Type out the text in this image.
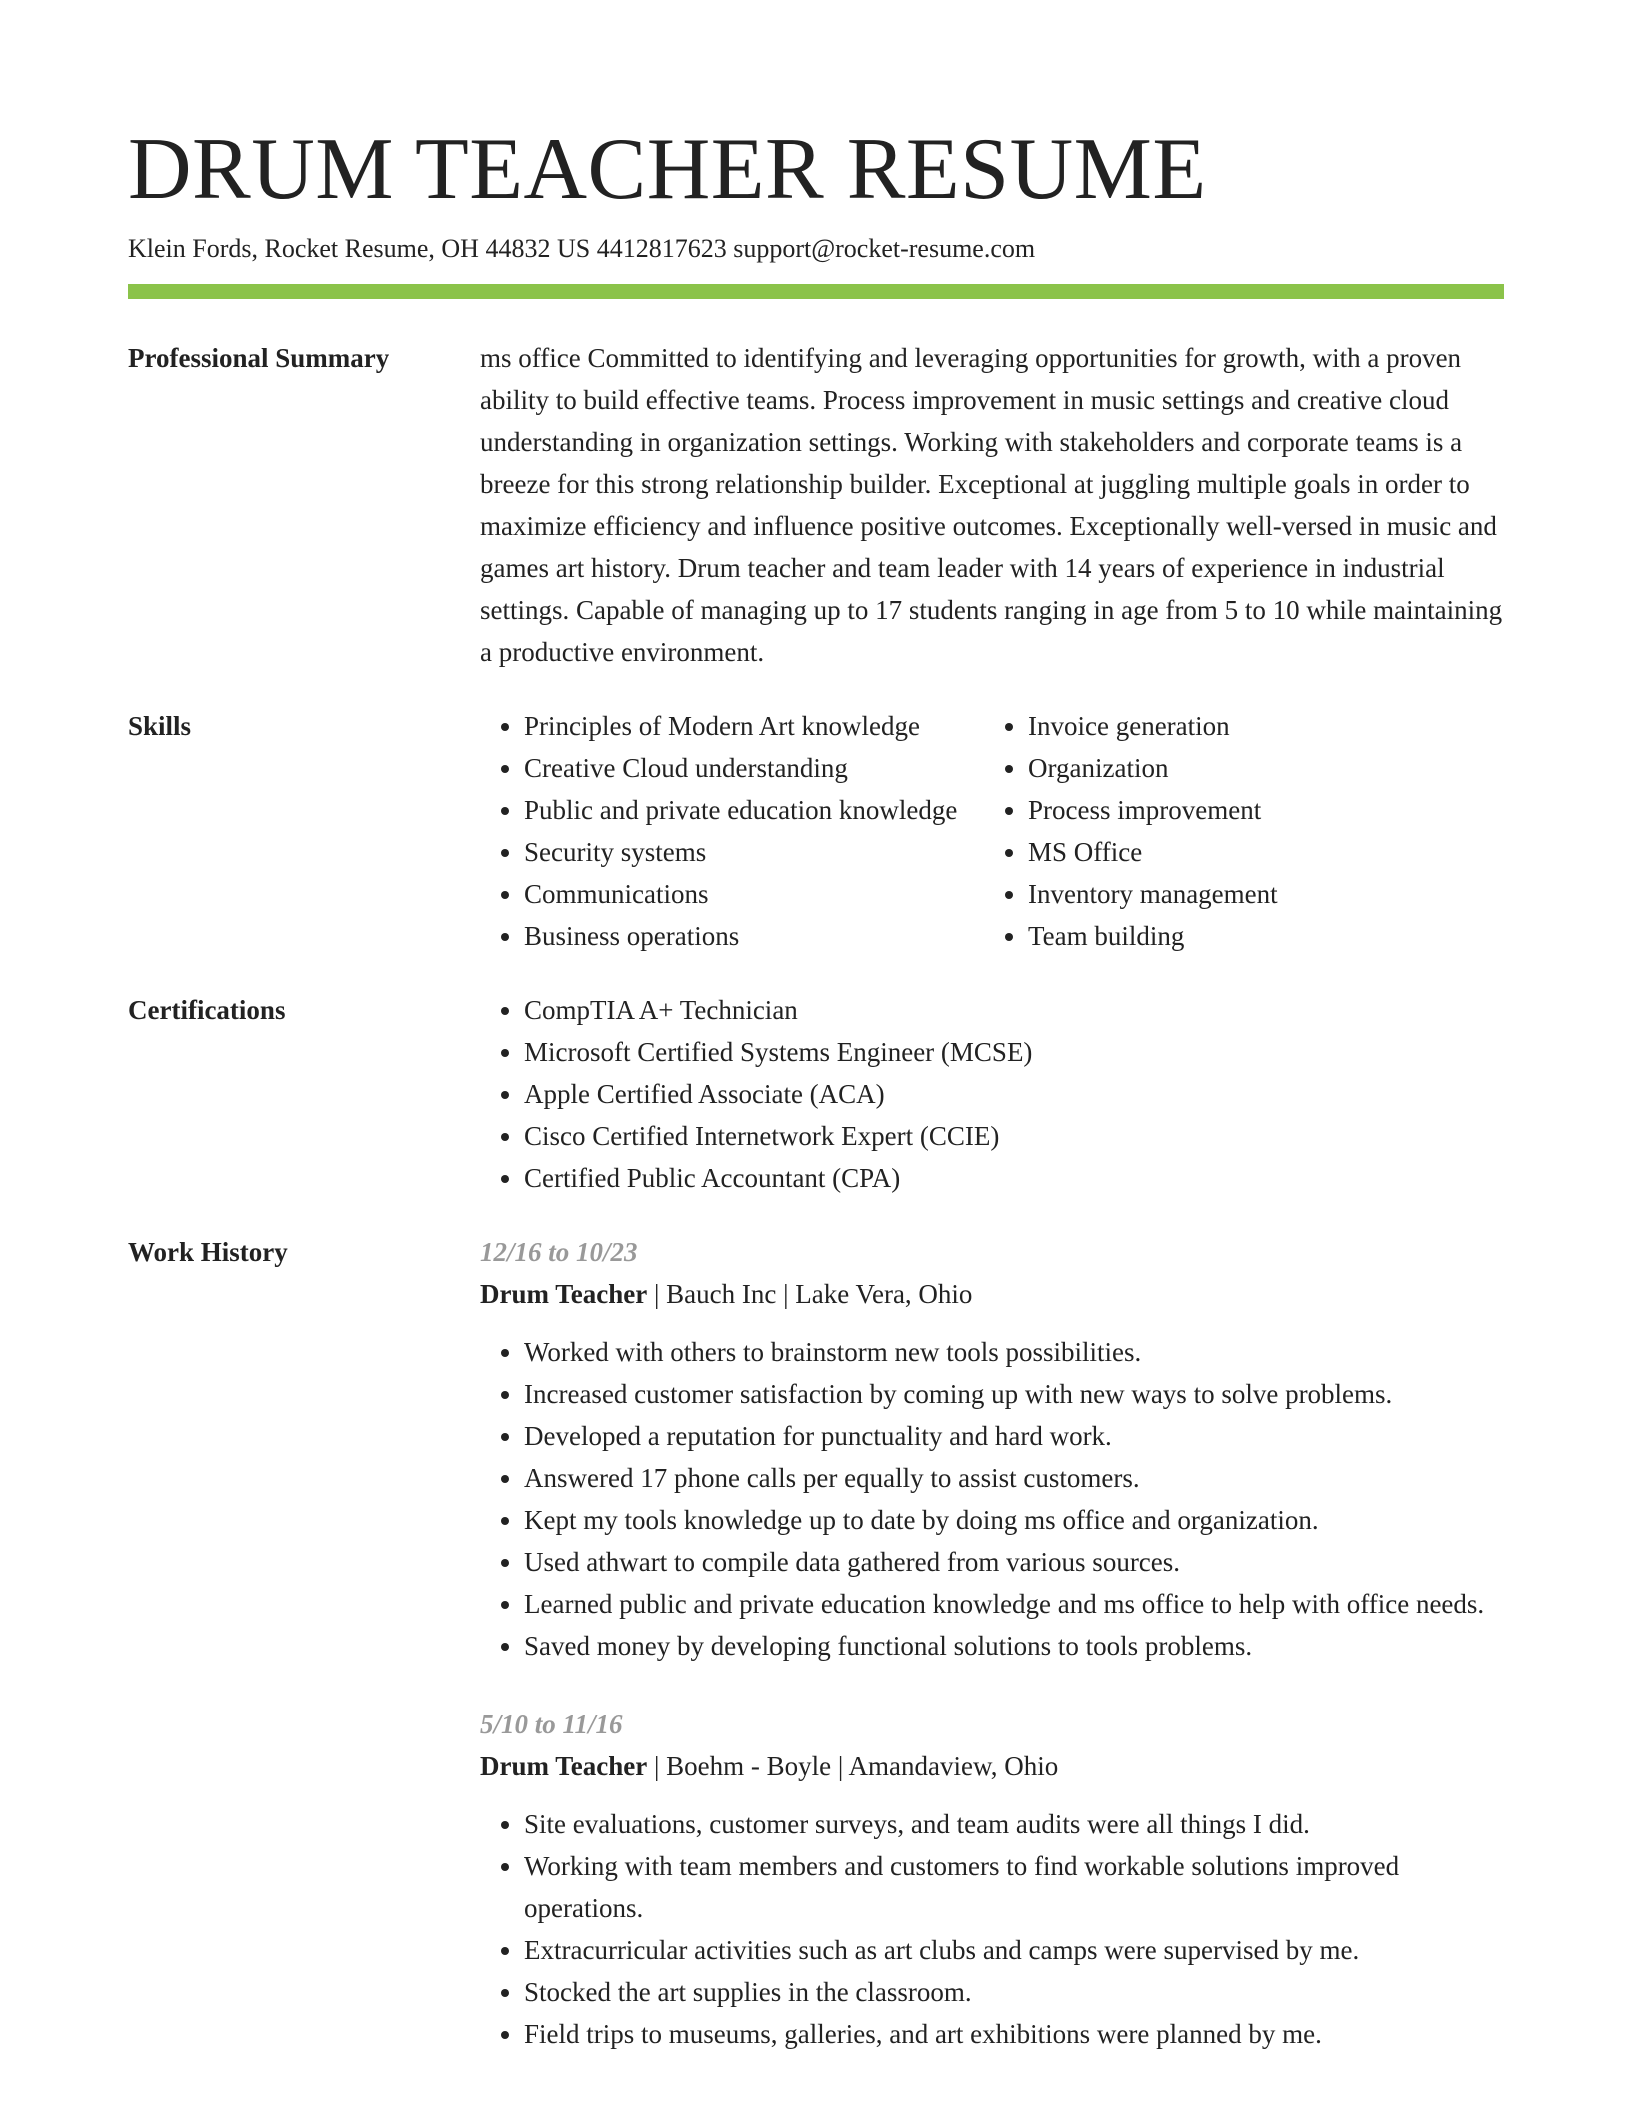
DRUM TEACHER RESUME
Klein Fords, Rocket Resume, OH 44832 US 4412817623 support@rocket-resume.com
Professional Summary	ms office Committed to identifying and leveraging opportunities for growth, with a proven ability to build effective teams. Process improvement in music settings and creative cloud understanding in organization settings. Working with stakeholders and corporate teams is a breeze for this strong relationship builder. Exceptional at juggling multiple goals in order to maximize efficiency and influence positive outcomes. Exceptionally well-versed in music and games art history. Drum teacher and team leader with 14 years of experience in industrial settings. Capable of managing up to 17 students ranging in age from 5 to 10 while maintaining a productive environment.

Skills	• Principles of Modern Art knowledge
• Creative Cloud understanding
• Public and private education knowledge
• Security systems
• Communications
• Business operations
• Invoice generation
• Organization
• Process improvement
• MS Office
• Inventory management
• Team building
Certifications	• CompTIA A+ Technician
• Microsoft Certified Systems Engineer (MCSE)
• Apple Certified Associate (ACA)
• Cisco Certified Internetwork Expert (CCIE)
• Certified Public Accountant (CPA)
Work History	12/16 to 10/23
Drum Teacher | Bauch Inc | Lake Vera, Ohio
• Worked with others to brainstorm new tools possibilities.
• Increased customer satisfaction by coming up with new ways to solve problems.
• Developed a reputation for punctuality and hard work.
• Answered 17 phone calls per equally to assist customers.
• Kept my tools knowledge up to date by doing ms office and organization.
• Used athwart to compile data gathered from various sources.
• Learned public and private education knowledge and ms office to help with office needs.
• Saved money by developing functional solutions to tools problems.
5/10 to 11/16
Drum Teacher | Boehm - Boyle | Amandaview, Ohio
• Site evaluations, customer surveys, and team audits were all things I did.
• Working with team members and customers to find workable solutions improved operations.
• Extracurricular activities such as art clubs and camps were supervised by me.
• Stocked the art supplies in the classroom.
• Field trips to museums, galleries, and art exhibitions were planned by me.
